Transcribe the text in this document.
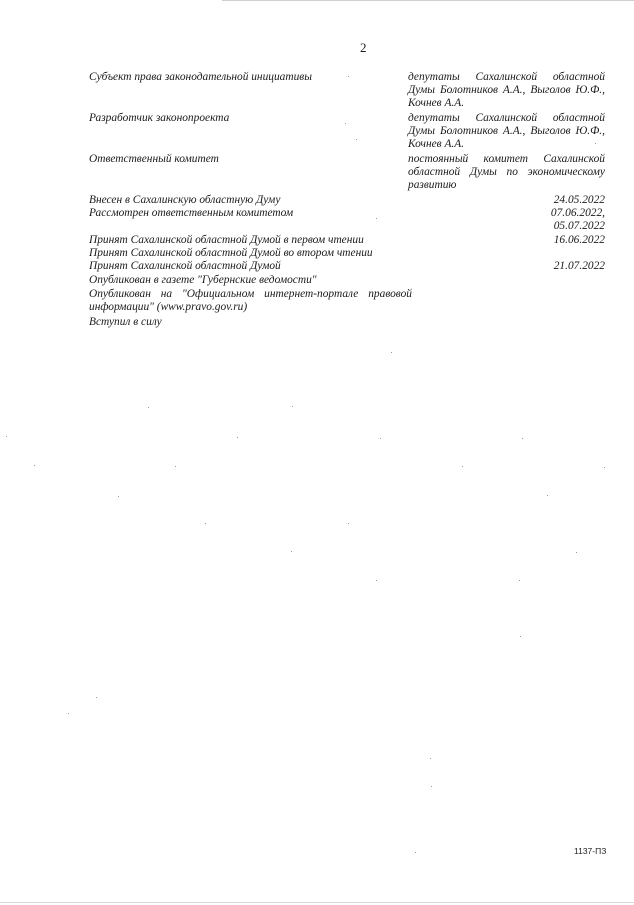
2
Субъект права законодательной инициативы	депутаты Сахалинской областной
Думы Болотников А.А., Выголов Ю.Ф.,
Кочнев А.А.
Разработчик законопроекта	депутаты Сахалинской областной
Думы Болотников А.А., Выголов Ю.Ф.,
Кочнев А.А.
Ответственный комитет	постоянный комитет Сахалинской
областной Думы по экономическому
развитию
Внесен в Сахалинскую областную Думу	24.05.2022
Рассмотрен ответственным комитетом	07.06.2022,
05.07.2022
Принят Сахалинской областной Думой в первом чтении	16.06.2022
Принят Сахалинской областной Думой во втором чтении
Принят Сахалинской областной Думой	21.07.2022
Опубликован в газете "Губернские ведомости"
Опубликован на "Официальном интернет-портале правовой
информации" (www.pravo.gov.ru)
Вступил в силу
1137-ПЗ
